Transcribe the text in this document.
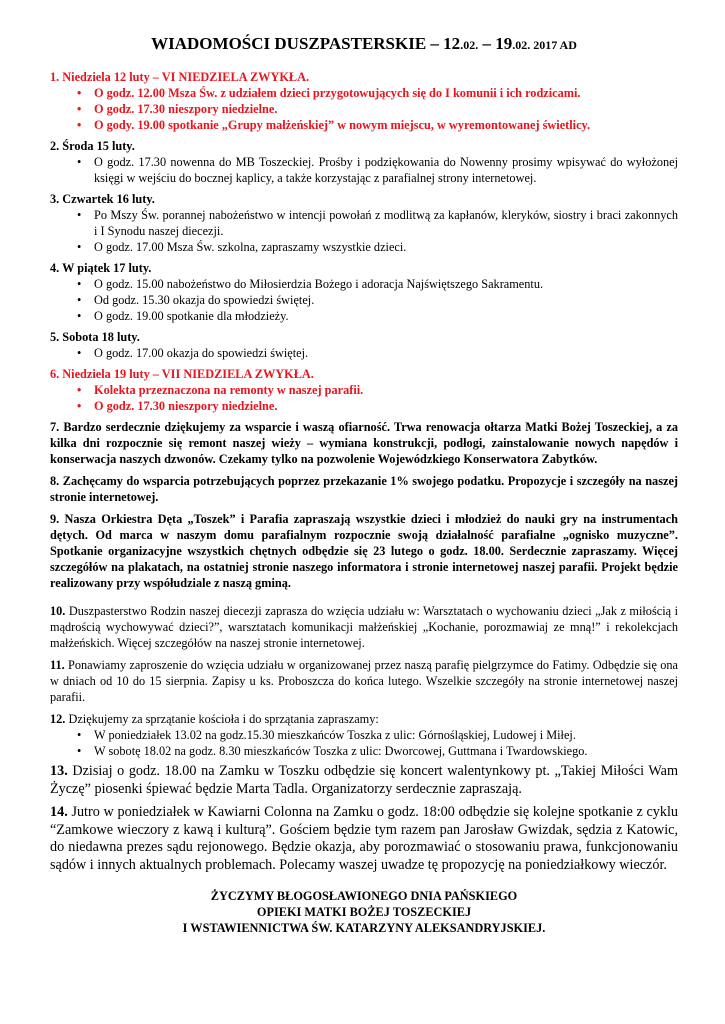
WIADOMOŚCI DUSZPASTERSKIE – 12.02. – 19.02. 2017 AD
1. Niedziela 12 luty – VI NIEDZIELA ZWYKŁA.
• O godz. 12.00 Msza Św. z udziałem dzieci przygotowujących się do I komunii i ich rodzicami.
• O godz. 17.30 nieszpory niedzielne.
• O gody. 19.00 spotkanie „Grupy małżeńskiej” w nowym miejscu, w wyremontowanej świetlicy.
2. Środa 15 luty.
• O godz. 17.30 nowenna do MB Toszeckiej. Prośby i podziękowania do Nowenny prosimy wpisywać do wyłożonej księgi w wejściu do bocznej kaplicy, a także korzystając z parafialnej strony internetowej.
3. Czwartek 16 luty.
• Po Mszy Św. porannej nabożeństwo w intencji powołań z modlitwą za kapłanów, kleryków, siostry i braci zakonnych i I Synodu naszej diecezji.
• O godz. 17.00 Msza Św. szkolna, zapraszamy wszystkie dzieci.
4. W piątek 17 luty.
• O godz. 15.00 nabożeństwo do Miłosierdzia Bożego i adoracja Najświętszego Sakramentu.
• Od godz. 15.30 okazja do spowiedzi świętej.
• O godz. 19.00 spotkanie dla młodzieży.
5. Sobota 18 luty.
• O godz. 17.00 okazja do spowiedzi świętej.
6. Niedziela 19 luty – VII NIEDZIELA ZWYKŁA.
• Kolekta przeznaczona na remonty w naszej parafii.
• O godz. 17.30 nieszpory niedzielne.

7. Bardzo serdecznie dziękujemy za wsparcie i waszą ofiarność. Trwa renowacja ołtarza Matki Bożej Toszeckiej, a za kilka dni rozpocznie się remont naszej wieży – wymiana konstrukcji, podłogi, zainstalowanie nowych napędów i konserwacja naszych dzwonów. Czekamy tylko na pozwolenie Wojewódzkiego Konserwatora Zabytków.

8. Zachęcamy do wsparcia potrzebujących poprzez przekazanie 1% swojego podatku. Propozycje i szczegóły na naszej stronie internetowej.

9. Nasza Orkiestra Dęta „Toszek” i Parafia zapraszają wszystkie dzieci i młodzież do nauki gry na instrumentach dętych. Od marca w naszym domu parafialnym rozpocznie swoją działalność parafialne „ognisko muzyczne”. Spotkanie organizacyjne wszystkich chętnych odbędzie się 23 lutego o godz. 18.00. Serdecznie zapraszamy. Więcej szczegółów na plakatach, na ostatniej stronie naszego informatora i stronie internetowej naszej parafii. Projekt będzie realizowany przy współudziale z naszą gminą.

10. Duszpasterstwo Rodzin naszej diecezji zaprasza do wzięcia udziału w: Warsztatach o wychowaniu dzieci „Jak z miłością i mądrością wychowywać dzieci?”, warsztatach komunikacji małżeńskiej „Kochanie, porozmawiaj ze mną!” i rekolekcjach małżeńskich. Więcej szczegółów na naszej stronie internetowej.

11. Ponawiamy zaproszenie do wzięcia udziału w organizowanej przez naszą parafię pielgrzymce do Fatimy. Odbędzie się ona w dniach od 10 do 15 sierpnia. Zapisy u ks. Proboszcza do końca lutego. Wszelkie szczegóły na stronie internetowej naszej parafii.

12. Dziękujemy za sprzątanie kościoła i do sprzątania zapraszamy:
• W poniedziałek 13.02 na godz.15.30 mieszkańców Toszka z ulic: Górnośląskiej, Ludowej i Miłej.
• W sobotę 18.02 na godz. 8.30 mieszkańców Toszka z ulic: Dworcowej, Guttmana i Twardowskiego.

13. Dzisiaj o godz. 18.00 na Zamku w Toszku odbędzie się koncert walentynkowy pt. „Takiej Miłości Wam Życzę” piosenki śpiewać będzie Marta Tadla. Organizatorzy serdecznie zapraszają.

14. Jutro w poniedziałek w Kawiarni Colonna na Zamku o godz. 18:00 odbędzie się kolejne spotkanie z cyklu “Zamkowe wieczory z kawą i kulturą”. Gościem będzie tym razem pan Jarosław Gwizdak, sędzia z Katowic, do niedawna prezes sądu rejonowego. Będzie okazja, aby porozmawiać o stosowaniu prawa, funkcjonowaniu sądów i innych aktualnych problemach. Polecamy waszej uwadze tę propozycję na poniedziałkowy wieczór.

ŻYCZYMY BŁOGOSŁAWIONEGO DNIA PAŃSKIEGO
OPIEKI MATKI BOŻEJ TOSZECKIEJ
I WSTAWIENNICTWA ŚW. KATARZYNY ALEKSANDRYJSKIEJ.
